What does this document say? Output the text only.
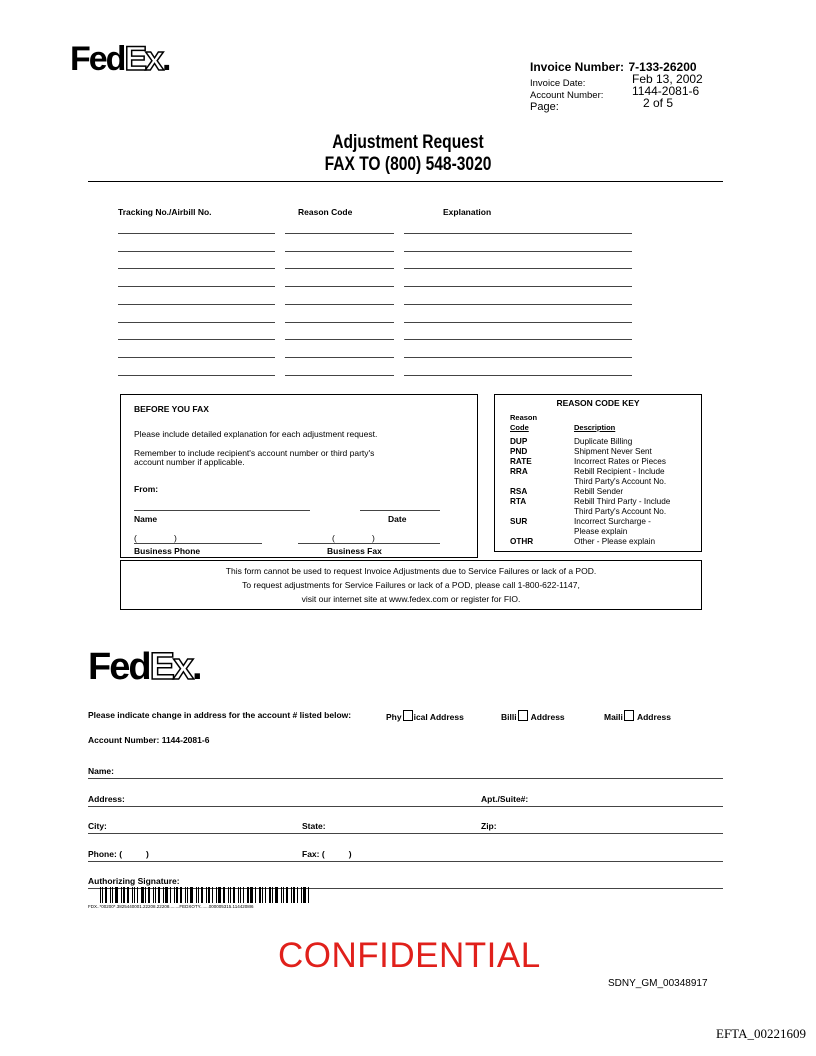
FedEx.	Invoice Number: 7-133-26200
Invoice Date:	Feb 13, 2002
Account Number: 1144-2081-6
Page:	2 of 5
Adjustment Request
FAX TO (800) 548-3020
Tracking No./Airbill No.	Reason Code	Explanation
BEFORE YOU FAX
Please include detailed explanation for each adjustment request.
Remember to include recipient's account number or third party's
account number if applicable.
From:
Name	Date
(	)	(	)
Business Phone	Business Fax
REASON CODE KEY
Reason
Code	Description
DUP	Duplicate Billing
PND	Shipment Never Sent
RATE	Incorrect Rates or Pieces
RRA	Rebill Recipient - Include
Third Party's Account No.
RSA	Rebill Sender
RTA	Rebill Third Party - Include
Third Party's Account No.
SUR	Incorrect Surcharge -
Please explain
OTHR	Other - Please explain
This form cannot be used to request Invoice Adjustments due to Service Failures or lack of a POD.
To request adjustments for Service Failures or lack of a POD, please call 1-800-622-1147,
visit our internet site at www.fedex.com or register for FIO.
FedEx.
Please indicate change in address for the account # listed below:	Phy ical Address	Billi Address	Maili Address
Account Number: 1144-2081-6
Name:
Address:	Apt./Suite#:
City:	State:	Zip:
Phone: (	)	Fax: (	)
Authorizing Signature:
FDX..*00200*.3825440001.22208.22208........FEDXOTY.......000005315.1144208I6
CONFIDENTIAL
SDNY_GM_00348917
EFTA_00221609
